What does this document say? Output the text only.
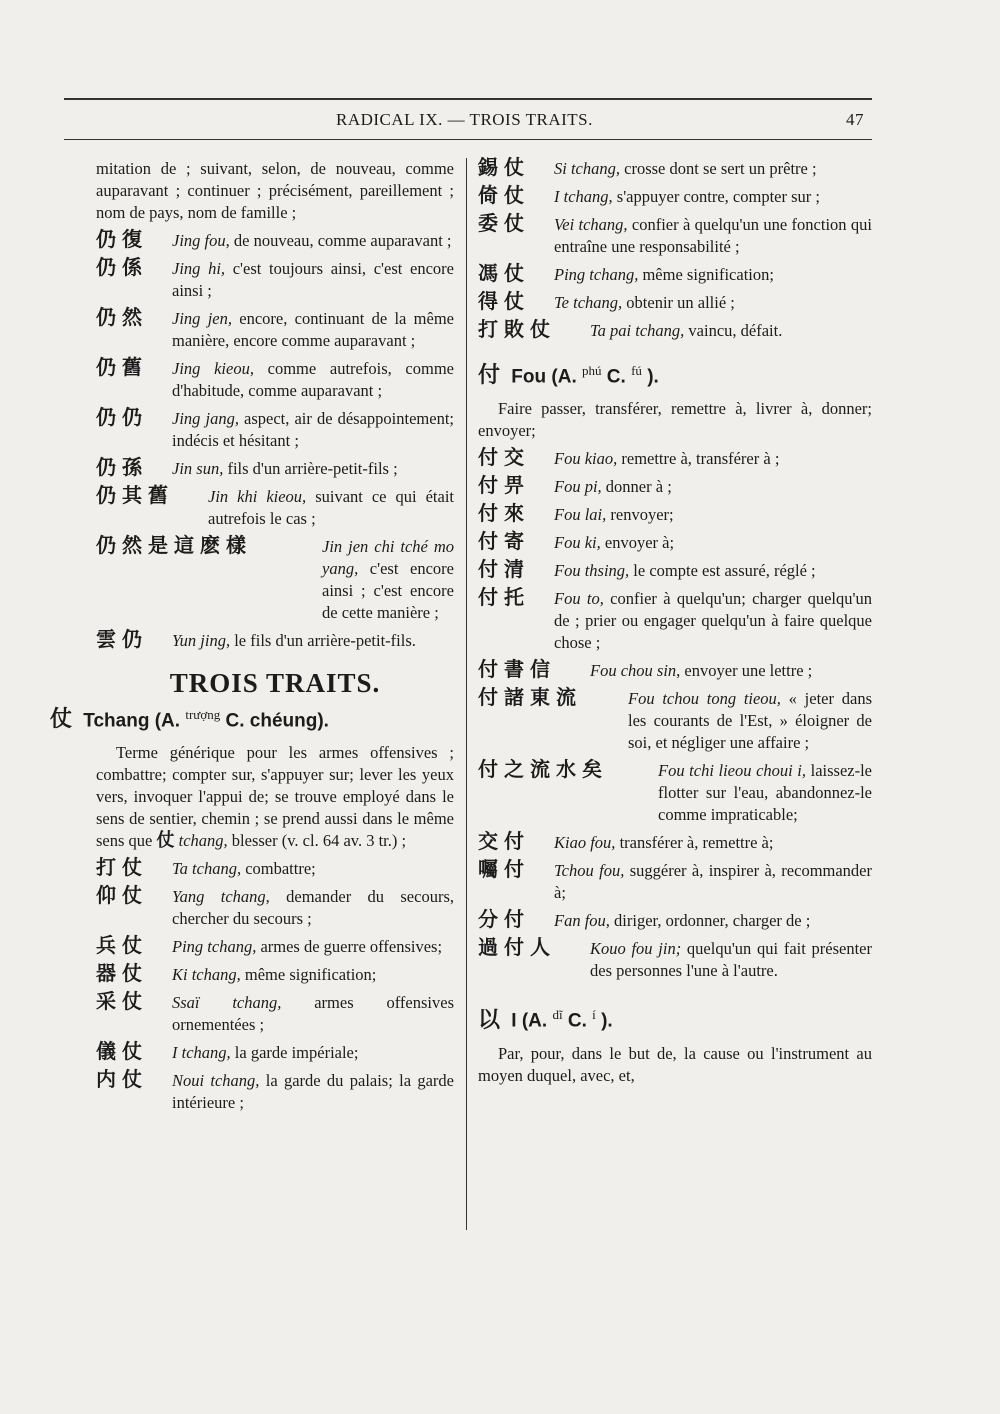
RADICAL IX. — TROIS TRAITS.	47
mitation de ; suivant, selon, de nouveau, comme auparavant ; continuer ; précisément, pareillement ; nom de pays, nom de famille ;
仍復 Jing fou, de nouveau, comme auparavant ;
仍係 Jing hi, c'est toujours ainsi, c'est encore ainsi ;
仍然 Jing jen, encore, continuant de la même manière, encore comme auparavant ;
仍舊 Jing kieou, comme autrefois, comme d'habitude, comme auparavant ;
仍仍 Jing jang, aspect, air de désappointement; indécis et hésitant ;
仍孫 Jin sun, fils d'un arrière-petit-fils ;
仍其舊 Jin khi kieou, suivant ce qui était autrefois le cas ;
仍然是這麽樣	Jin jen chi tché mo yang, c'est encore ainsi ; c'est encore de cette manière ;
雲仍 Yun jing, le fils d'un arrière-petit-fils.
TROIS TRAITS.
仗 Tchang (A. $^{trượng}$ C. chéung).
Terme générique pour les armes offensives ; combattre; compter sur, s'appuyer sur; lever les yeux vers, invoquer l'appui de; se trouve employé dans le sens de sentier, chemin ; se prend aussi dans le même sens que 仗 tchang, blesser (v. cl. 64 av. 3 tr.) ;
打仗 Ta tchang, combattre;
仰仗 Yang tchang, demander du secours, chercher du secours ;
兵仗 Ping tchang, armes de guerre offensives;
器仗 Ki tchang, même signification;
采仗 Ssaï tchang, armes offensives ornementées ;
儀仗 I tchang, la garde impériale;
内仗 Noui tchang, la garde du palais; la garde intérieure ;
錫仗 Si tchang, crosse dont se sert un prêtre ;
倚仗 I tchang, s'appuyer contre, compter sur ;
委仗 Vei tchang, confier à quelqu'un une fonction qui entraîne une responsabilité ;
馮仗 Ping tchang, même signification;
得仗 Te tchang, obtenir un allié ;
打敗仗 Ta pai tchang, vaincu, défait.
付 Fou (A. $^{phú}$ C. $^{fú}$ ).
Faire passer, transférer, remettre à, livrer à, donner; envoyer;
付交 Fou kiao, remettre à, transférer à ;
付畀 Fou pi, donner à ;
付來 Fou lai, renvoyer;
付寄 Fou ki, envoyer à;
付清 Fou thsing, le compte est assuré, réglé ;
付托 Fou to, confier à quelqu'un; charger quelqu'un de ; prier ou engager quelqu'un à faire quelque chose ;
付書信 Fou chou sin, envoyer une lettre ;
付諸東流	Fou tchou tong tieou, « jeter dans les courants de l'Est, » éloigner de soi, et négliger une affaire ;
付之流水矣	Fou tchi lieou choui i, laissez-le flotter sur l'eau, abandonnez-le comme impraticable;
交付 Kiao fou, transférer à, remettre à;
囑付 Tchou fou, suggérer à, inspirer à, recommander à;
分付 Fan fou, diriger, ordonner, charger de ;
過付人 Kouo fou jin; quelqu'un qui fait présenter des personnes l'une à l'autre.
以 I (A. $^{dĩ}$ C. $^í$ ).
Par, pour, dans le but de, la cause ou l'instrument au moyen duquel, avec, et,
